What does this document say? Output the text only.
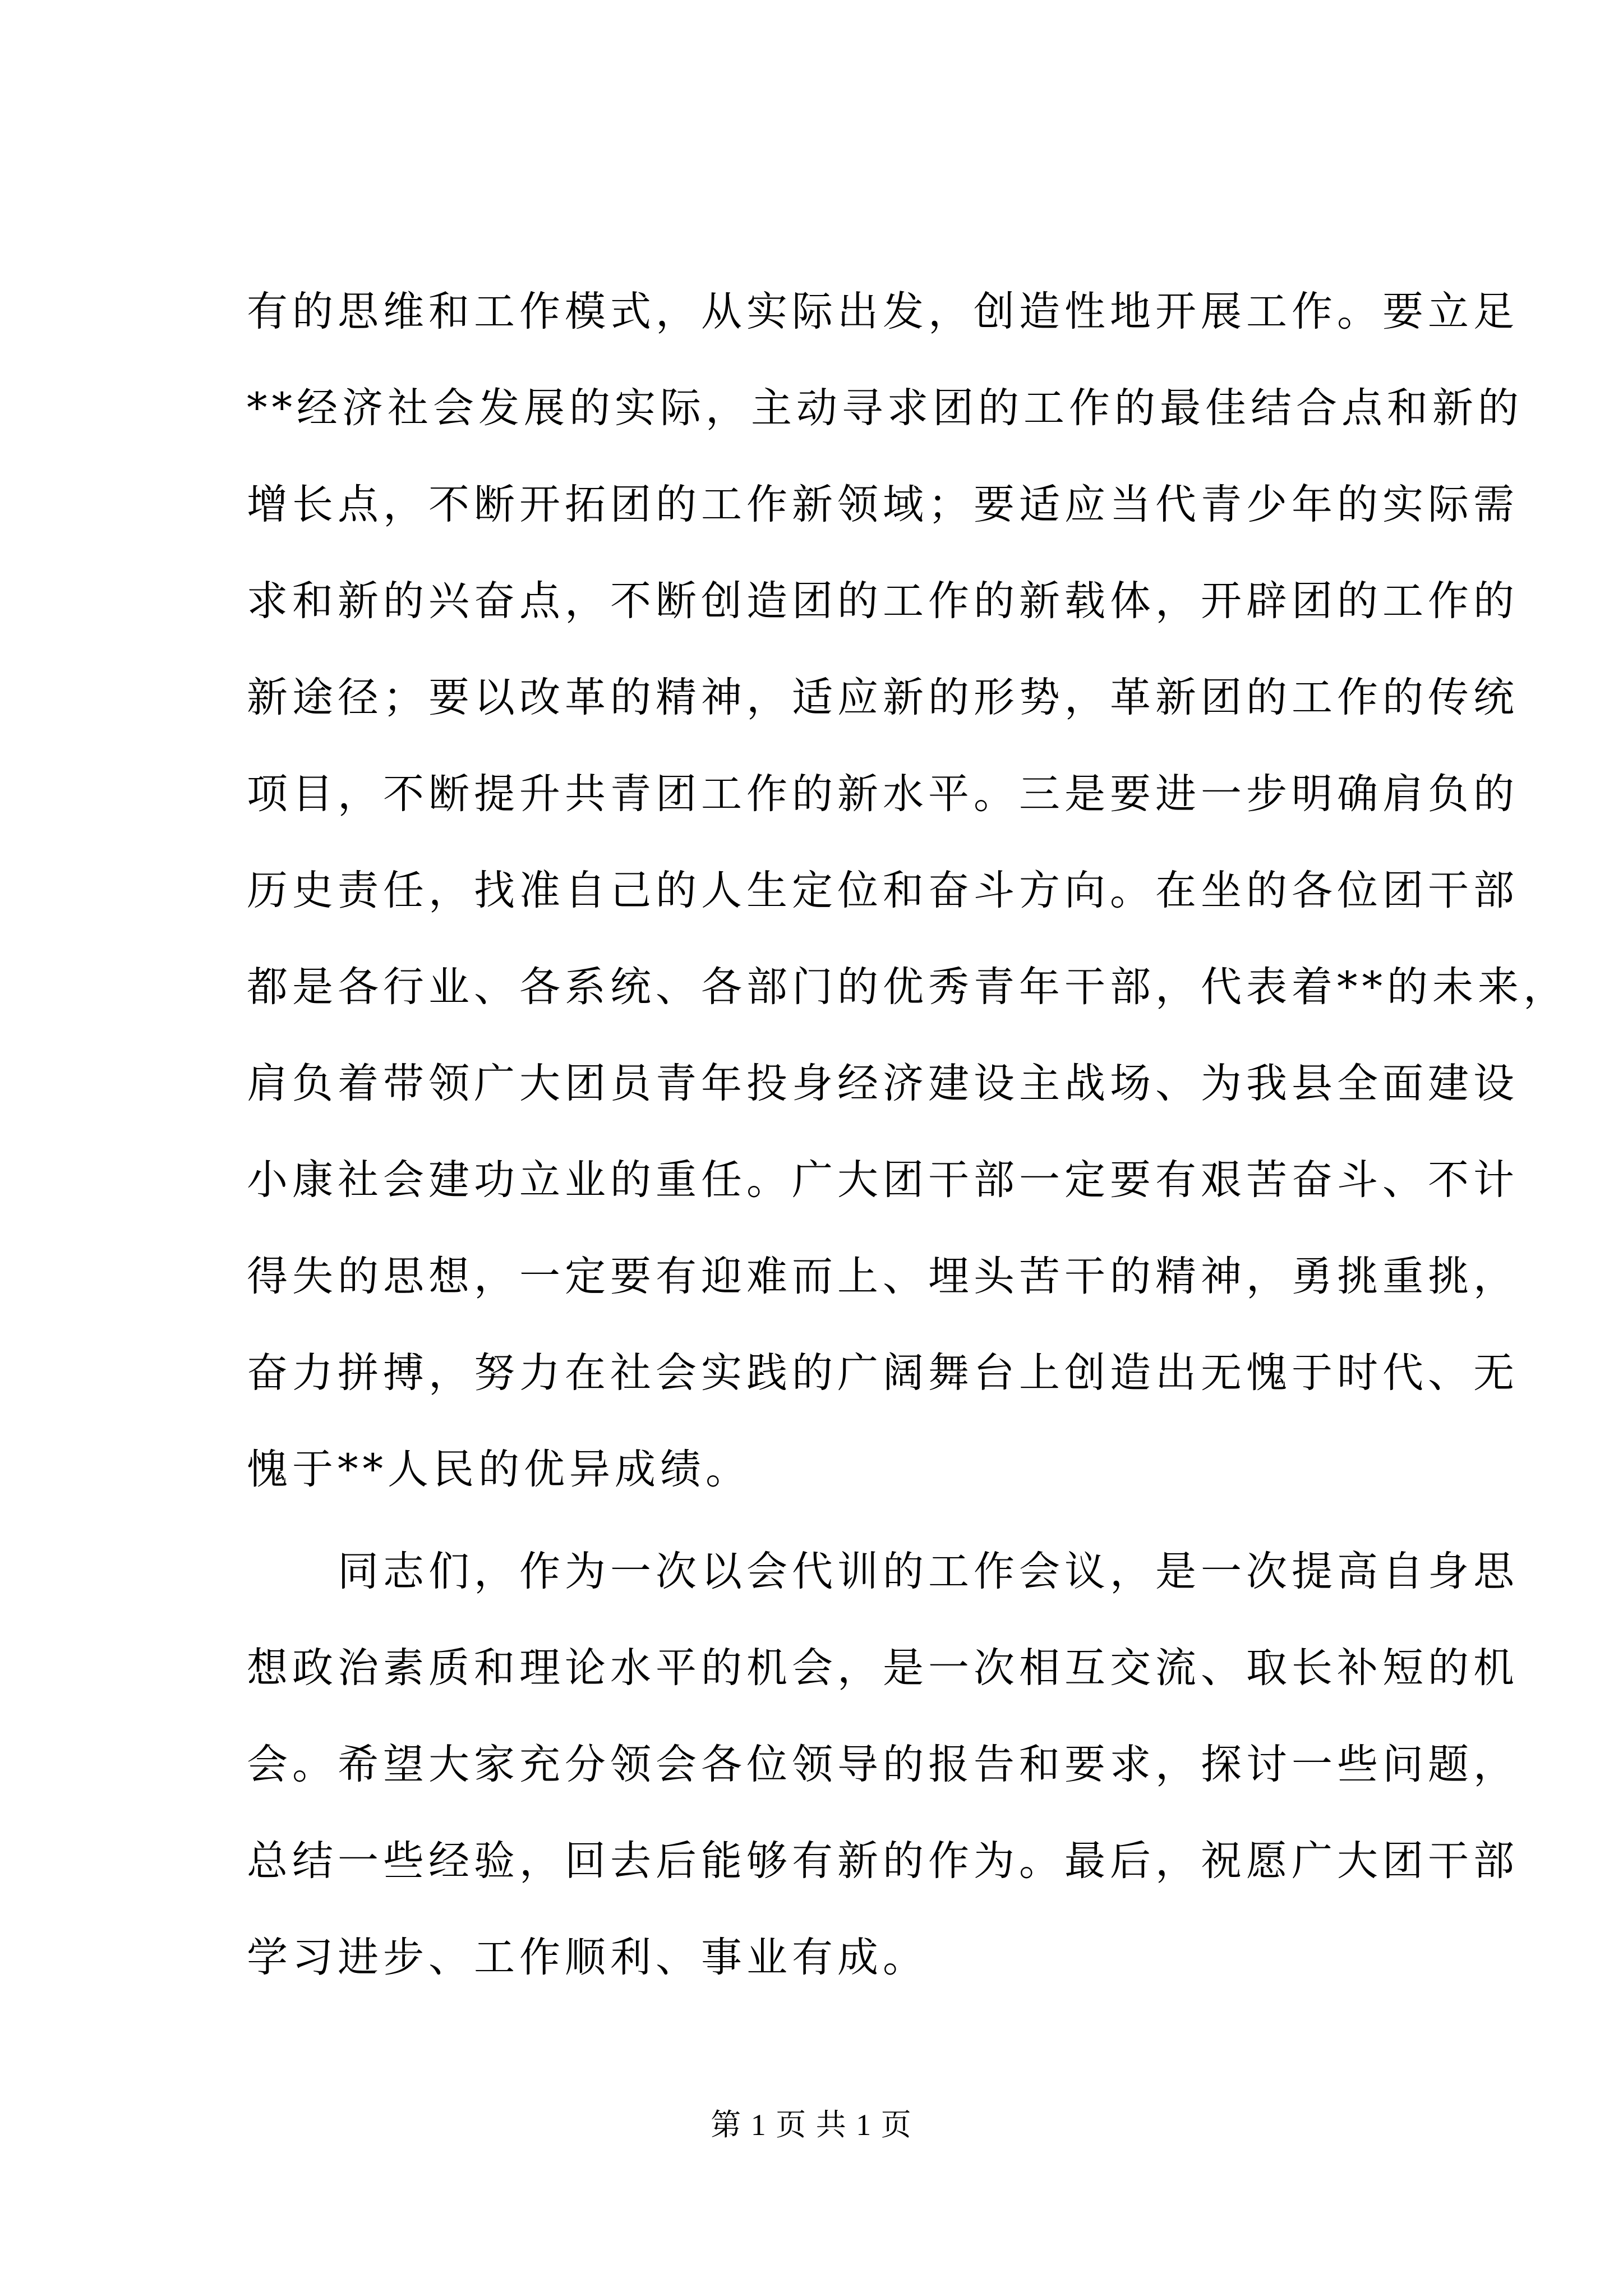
有的思维和工作模式，从实际出发，创造性地开展工作。要立足
**经济社会发展的实际，主动寻求团的工作的最佳结合点和新的
增长点，不断开拓团的工作新领域；要适应当代青少年的实际需
求和新的兴奋点，不断创造团的工作的新载体，开辟团的工作的
新途径；要以改革的精神，适应新的形势，革新团的工作的传统
项目，不断提升共青团工作的新水平。三是要进一步明确肩负的
历史责任，找准自己的人生定位和奋斗方向。在坐的各位团干部
都是各行业、各系统、各部门的优秀青年干部，代表着**的未来，
肩负着带领广大团员青年投身经济建设主战场、为我县全面建设
小康社会建功立业的重任。广大团干部一定要有艰苦奋斗、不计
得失的思想，一定要有迎难而上、埋头苦干的精神，勇挑重挑，
奋力拼搏，努力在社会实践的广阔舞台上创造出无愧于时代、无
愧于**人民的优异成绩。
　　同志们，作为一次以会代训的工作会议，是一次提高自身思
想政治素质和理论水平的机会，是一次相互交流、取长补短的机
会。希望大家充分领会各位领导的报告和要求，探讨一些问题，
总结一些经验，回去后能够有新的作为。最后，祝愿广大团干部
学习进步、工作顺利、事业有成。
第 1 页 共 1 页
